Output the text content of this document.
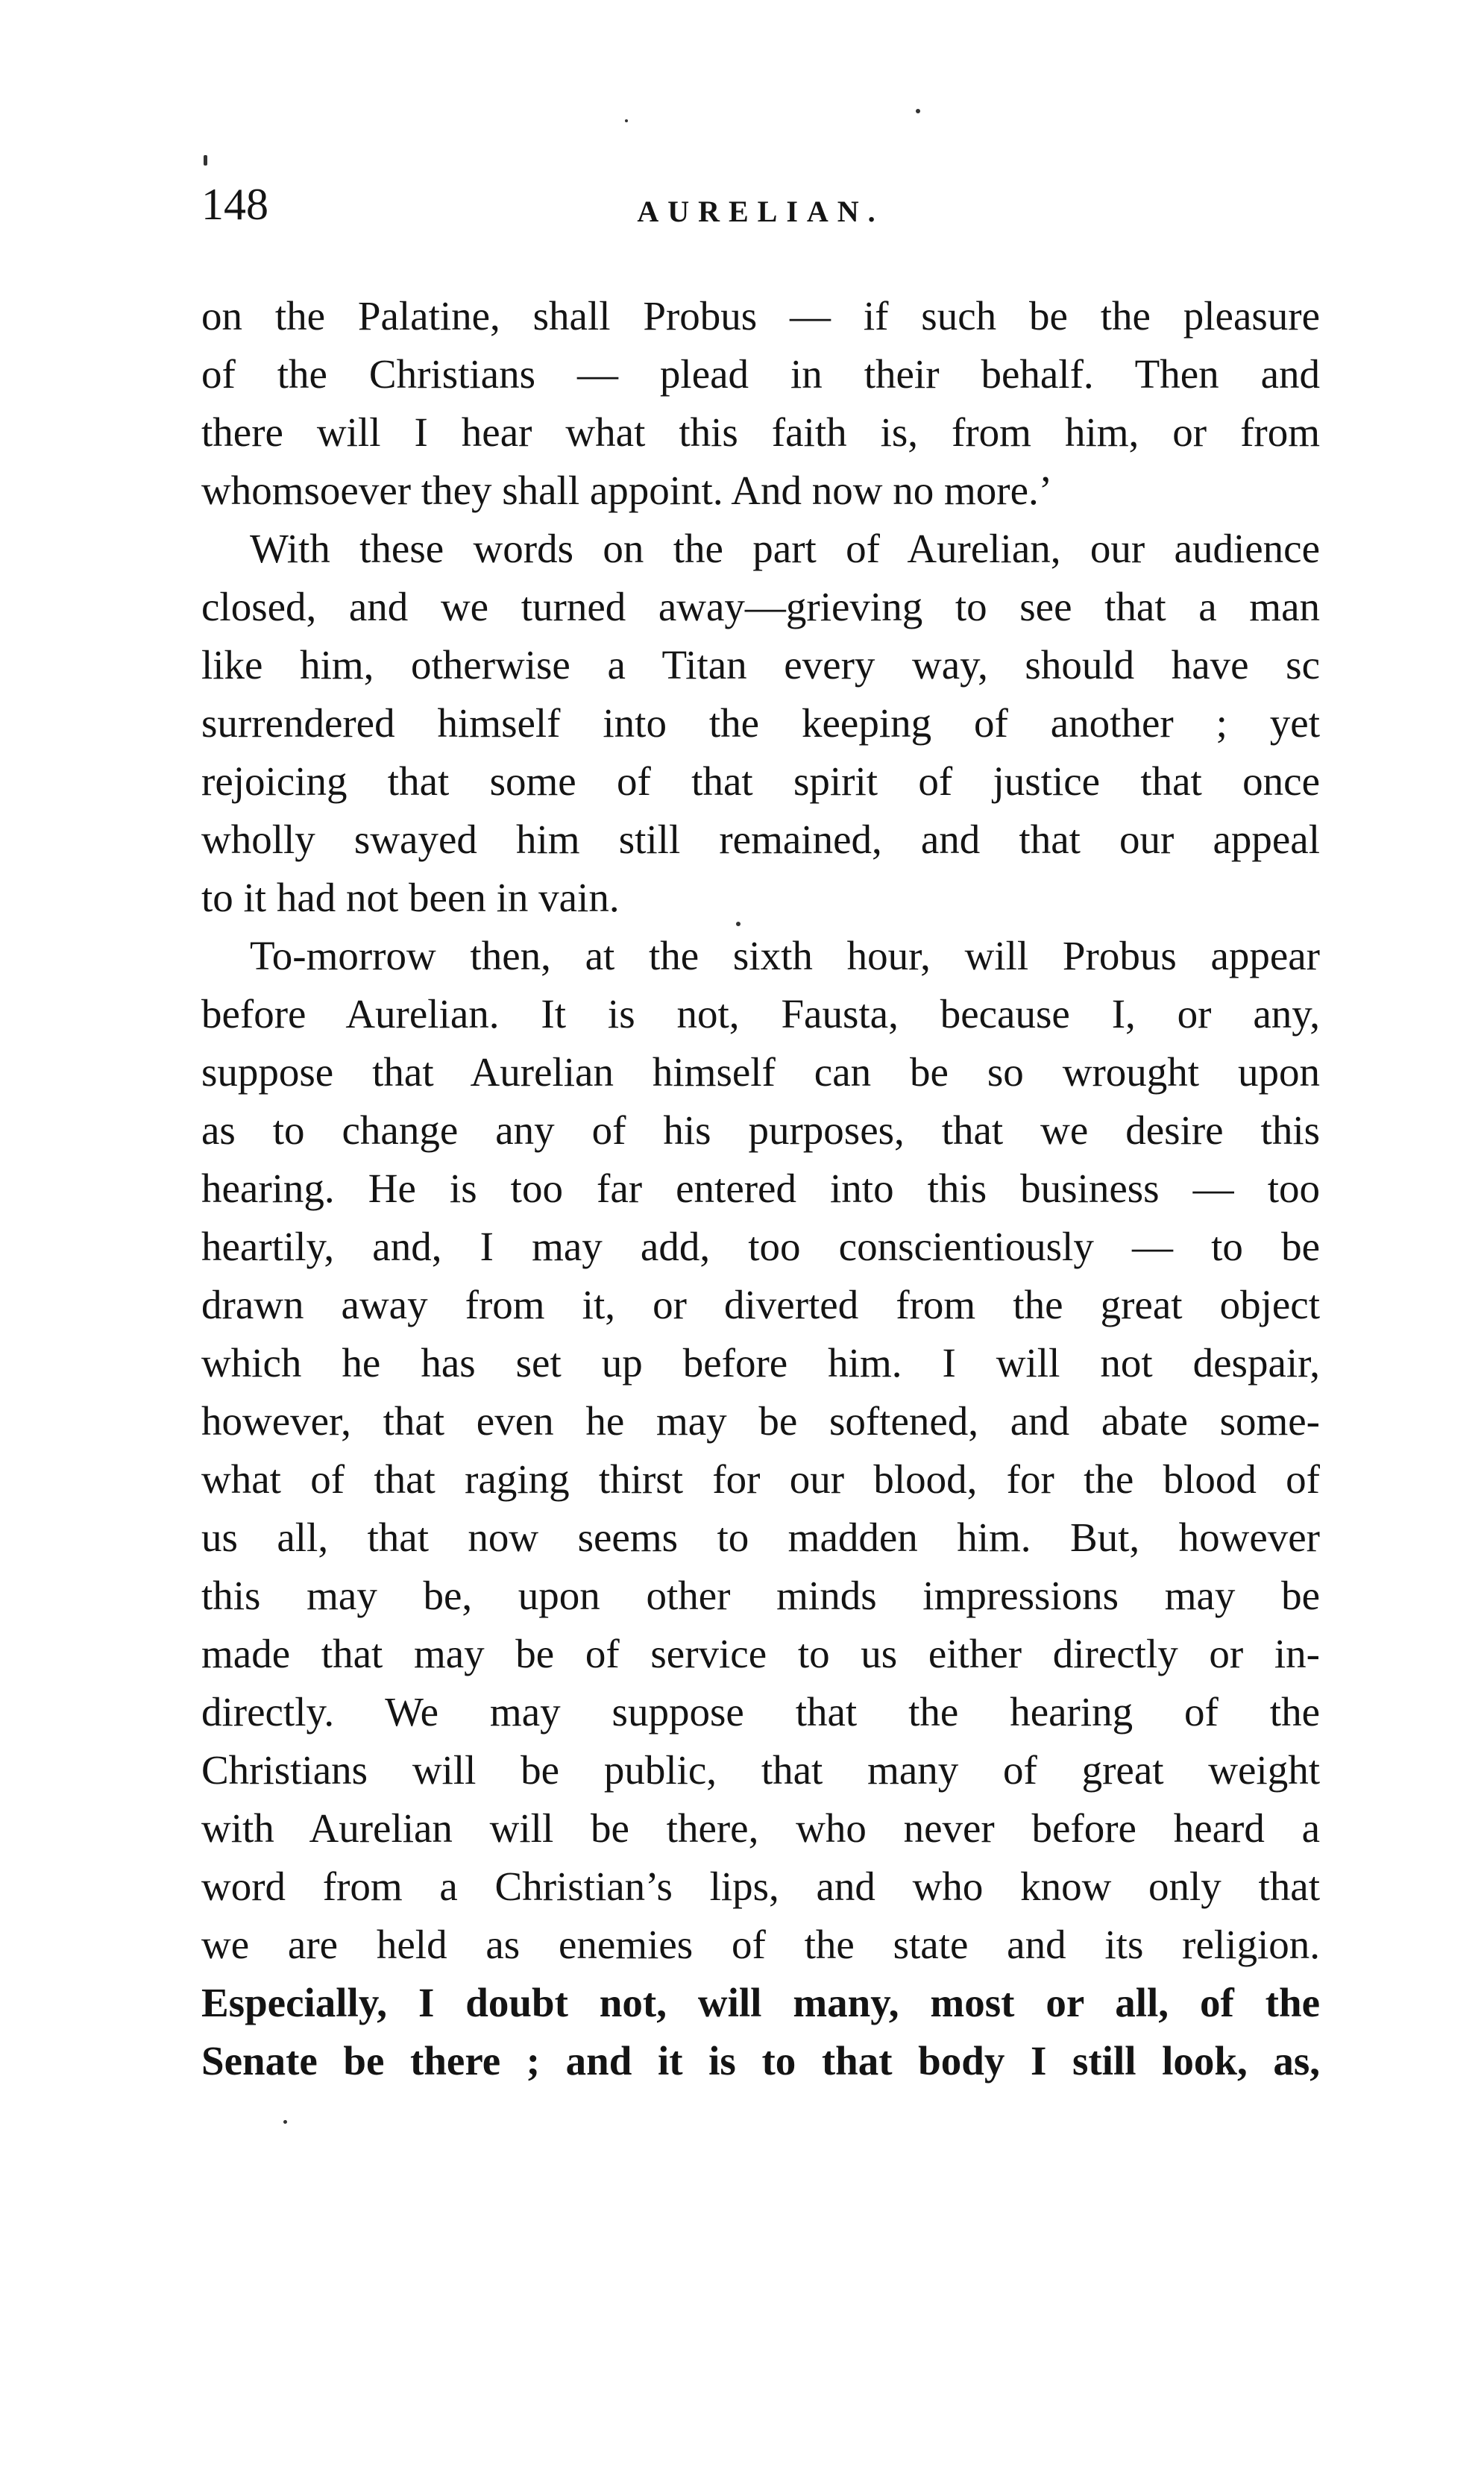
148	AURELIAN.
on the Palatine, shall Probus — if such be the pleasure
of the Christians — plead in their behalf. Then and
there will I hear what this faith is, from him, or from
whomsoever they shall appoint. And now no more.’
With these words on the part of Aurelian, our audience
closed, and we turned away—grieving to see that a man
like him, otherwise a Titan every way, should have sc
surrendered himself into the keeping of another ; yet
rejoicing that some of that spirit of justice that once
wholly swayed him still remained, and that our appeal
to it had not been in vain.
To-morrow then, at the sixth hour, will Probus appear
before Aurelian. It is not, Fausta, because I, or any,
suppose that Aurelian himself can be so wrought upon
as to change any of his purposes, that we desire this
hearing. He is too far entered into this business — too
heartily, and, I may add, too conscientiously — to be
drawn away from it, or diverted from the great object
which he has set up before him. I will not despair,
however, that even he may be softened, and abate some-
what of that raging thirst for our blood, for the blood of
us all, that now seems to madden him. But, however
this may be, upon other minds impressions may be
made that may be of service to us either directly or in-
directly. We may suppose that the hearing of the
Christians will be public, that many of great weight
with Aurelian will be there, who never before heard a
word from a Christian’s lips, and who know only that
we are held as enemies of the state and its religion.
Especially, I doubt not, will many, most or all, of the
Senate be there ; and it is to that body I still look, as,
